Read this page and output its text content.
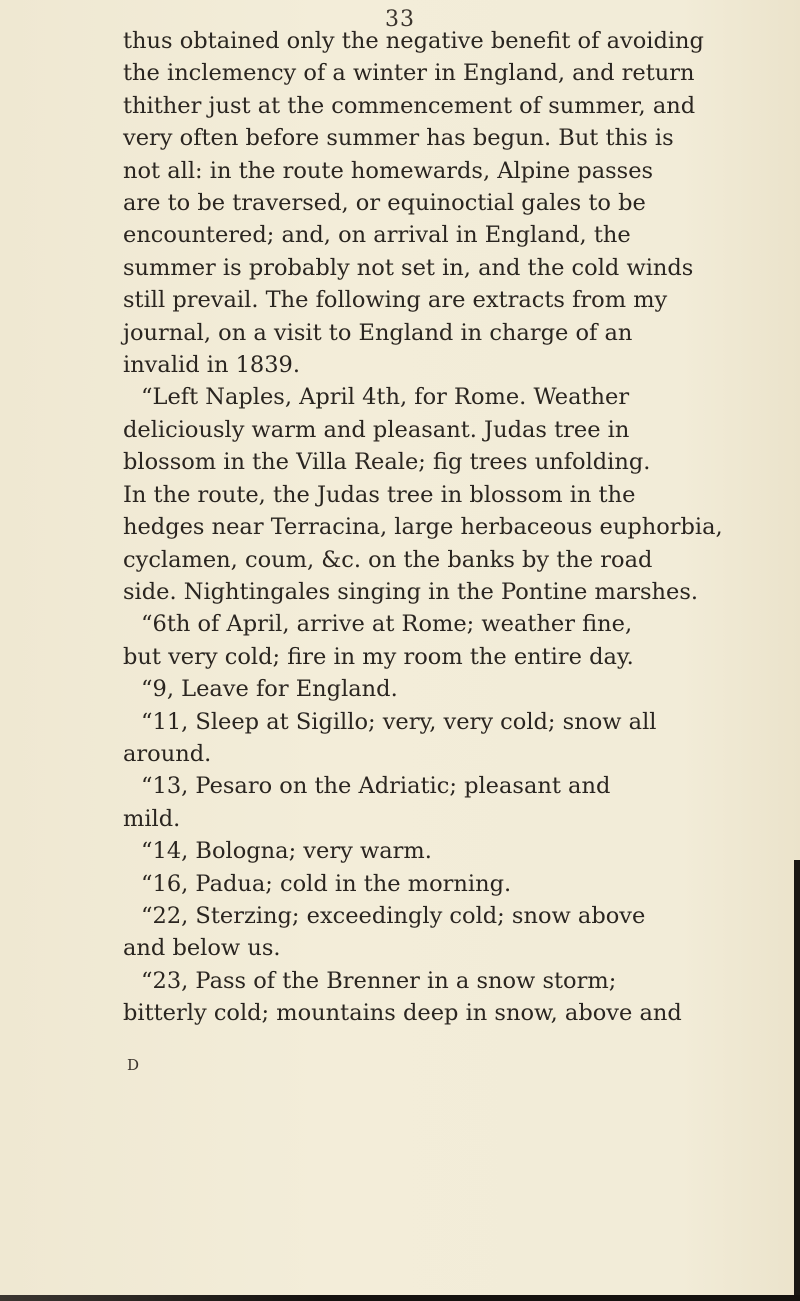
33
thus obtained only the negative benefit of avoiding
the inclemency of a winter in England, and return
thither just at the commencement of summer, and
very often before summer has begun. But this is
not all: in the route homewards, Alpine passes
are to be traversed, or equinoctial gales to be
encountered; and, on arrival in England, the
summer is probably not set in, and the cold winds
still prevail. The following are extracts from my
journal, on a visit to England in charge of an
invalid in 1839.
“Left Naples, April 4th, for Rome. Weather
deliciously warm and pleasant. Judas tree in
blossom in the Villa Reale; fig trees unfolding.
In the route, the Judas tree in blossom in the
hedges near Terracina, large herbaceous euphorbia,
cyclamen, coum, &c. on the banks by the road
side. Nightingales singing in the Pontine marshes.
“6th of April, arrive at Rome; weather fine,
but very cold; fire in my room the entire day.
“9, Leave for England.
“11, Sleep at Sigillo; very, very cold; snow all
around.
“13, Pesaro on the Adriatic; pleasant and
mild.
“14, Bologna; very warm.
“16, Padua; cold in the morning.
“22, Sterzing; exceedingly cold; snow above
and below us.
“23, Pass of the Brenner in a snow storm;
bitterly cold; mountains deep in snow, above and
D
